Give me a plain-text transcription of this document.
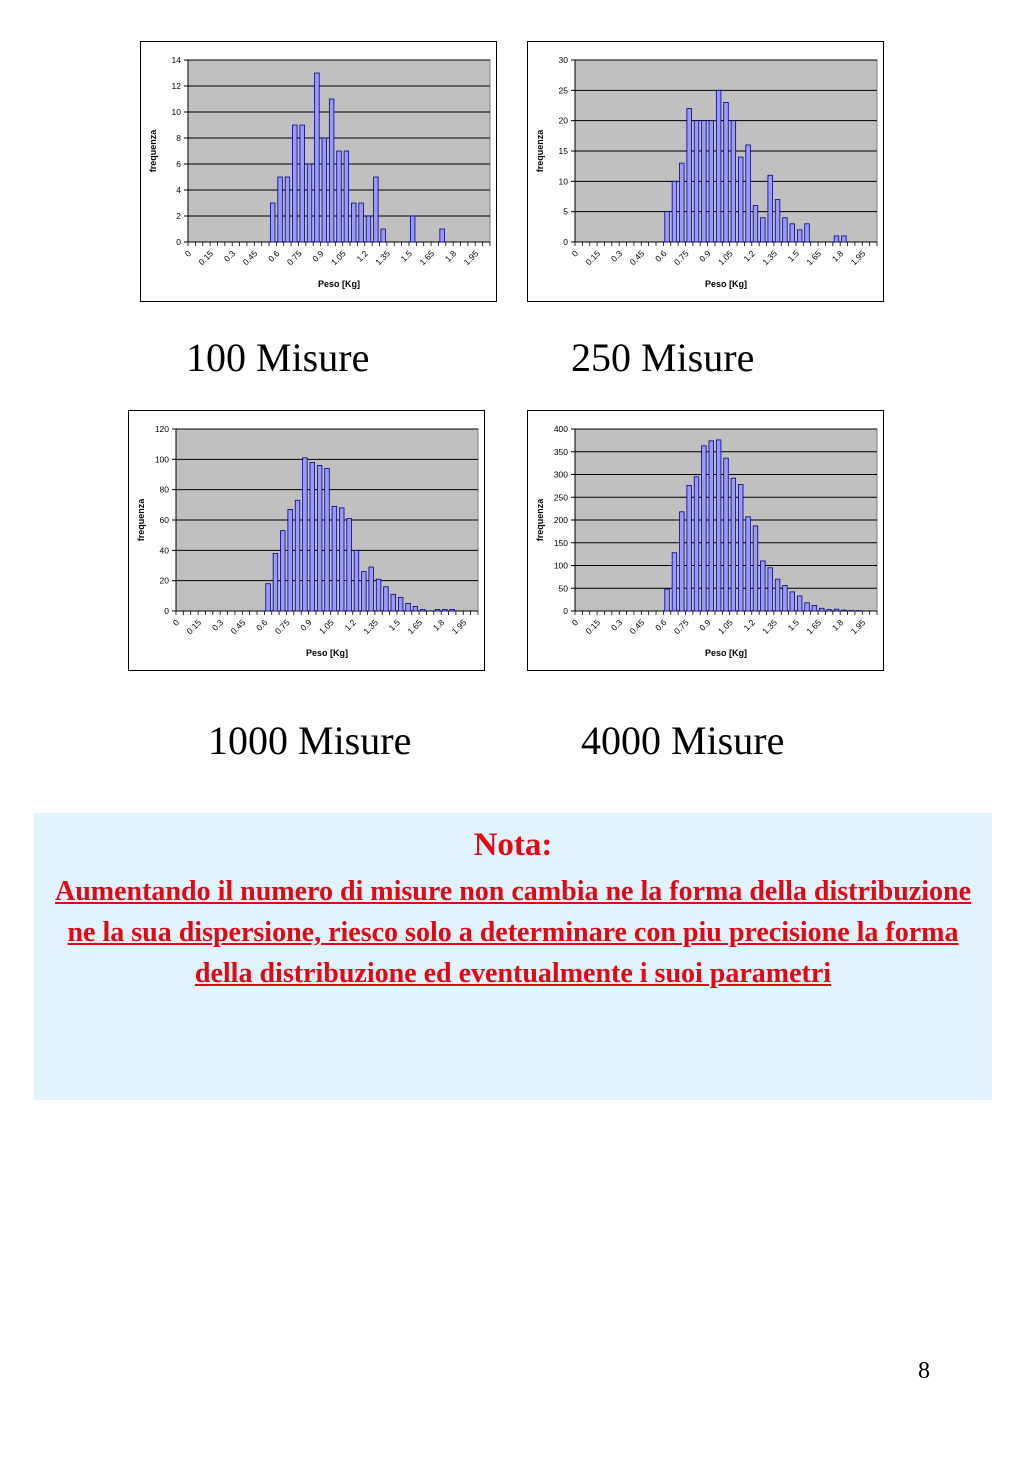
0
2
4
6
8
10
12
14
0 0.15 0.3 0.45 0.6 0.75 0.9 1.05 1.2 1.35 1.5 1.65 1.8 1.95
Peso [Kg]
frequenza
0
5
10
15
20
25
30
0 0.15 0.3 0.45 0.6 0.75 0.9 1.05 1.2 1.35 1.5 1.65 1.8 1.95
Peso [Kg]
frequenza
0
20
40
60
80
100
120
0 0.15 0.3 0.45 0.6 0.75 0.9 1.05 1.2 1.35 1.5 1.65 1.8 1.95
Peso [Kg]
frequenza
0
50
100
150
200
250
300
350
400
0 0.15 0.3 0.45 0.6 0.75 0.9 1.05 1.2 1.35 1.5 1.65 1.8 1.95
Peso [Kg]
frequenza
100 Misure	250 Misure
1000 Misure	4000 Misure
Nota:
Aumentando il numero di misure non cambia ne la forma della distribuzione ne la sua dispersione, riesco solo a determinare con piu precisione la forma della distribuzione ed eventualmente i suoi parametri
8
